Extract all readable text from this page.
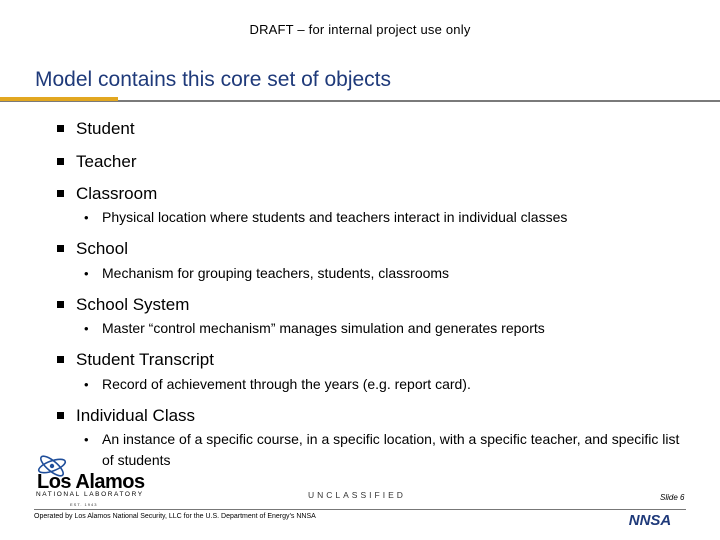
DRAFT – for internal project use only
Model contains this core set of objects
Student
Teacher
Classroom
• Physical location where students and teachers interact in individual classes
School
• Mechanism for grouping teachers, students, classrooms
School System
• Master “control mechanism” manages simulation and generates reports
Student Transcript
• Record of achievement through the years (e.g. report card).
Individual Class
• An instance of a specific course, in a specific location, with a specific teacher, and specific list of students
Los Alamos
NATIONAL LABORATORY
EST. 1943
UNCLASSIFIED	Slide 6
Operated by Los Alamos National Security, LLC for the U.S. Department of Energy’s NNSA	NNSA
